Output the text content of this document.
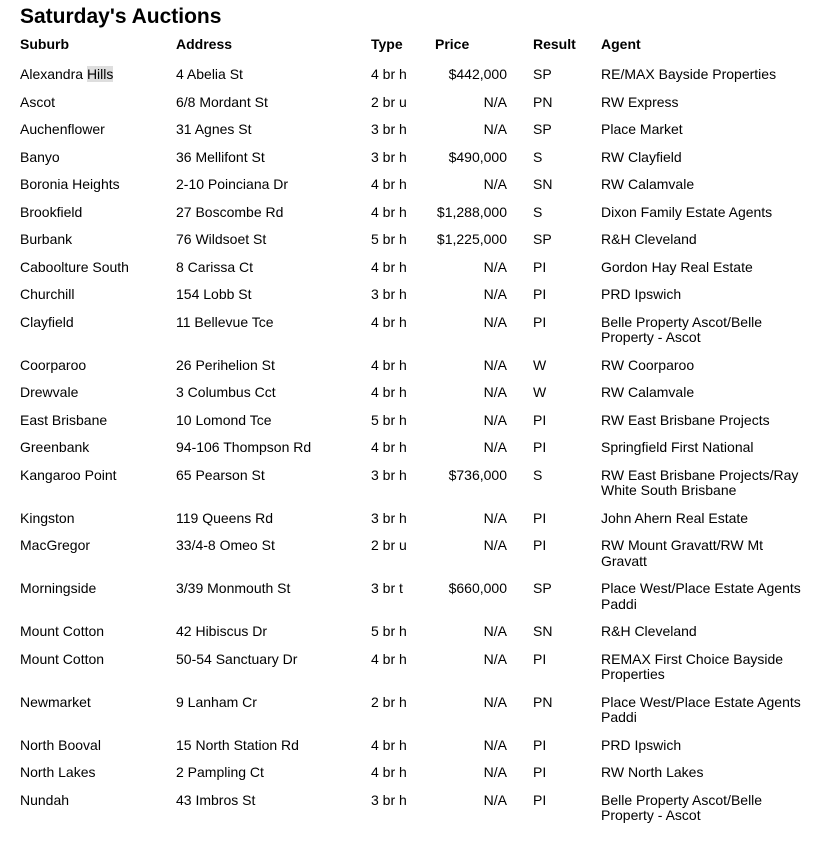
Saturday's Auctions
Suburb	Address	Type	Price	Result	Agent
Alexandra Hills	4 Abelia St	4 br h	$442,000	SP	RE/MAX Bayside Properties
Ascot	6/8 Mordant St	2 br u	N/A	PN	RW Express
Auchenflower	31 Agnes St	3 br h	N/A	SP	Place Market
Banyo	36 Mellifont St	3 br h	$490,000	S	RW Clayfield
Boronia Heights	2-10 Poinciana Dr	4 br h	N/A	SN	RW Calamvale
Brookfield	27 Boscombe Rd	4 br h	$1,288,000	S	Dixon Family Estate Agents
Burbank	76 Wildsoet St	5 br h	$1,225,000	SP	R&H Cleveland
Caboolture South	8 Carissa Ct	4 br h	N/A	PI	Gordon Hay Real Estate
Churchill	154 Lobb St	3 br h	N/A	PI	PRD Ipswich
Clayfield	11 Bellevue Tce	4 br h	N/A	PI	Belle Property Ascot/Belle Property - Ascot
Coorparoo	26 Perihelion St	4 br h	N/A	W	RW Coorparoo
Drewvale	3 Columbus Cct	4 br h	N/A	W	RW Calamvale
East Brisbane	10 Lomond Tce	5 br h	N/A	PI	RW East Brisbane Projects
Greenbank	94-106 Thompson Rd	4 br h	N/A	PI	Springfield First National
Kangaroo Point	65 Pearson St	3 br h	$736,000	S	RW East Brisbane Projects/Ray White South Brisbane
Kingston	119 Queens Rd	3 br h	N/A	PI	John Ahern Real Estate
MacGregor	33/4-8 Omeo St	2 br u	N/A	PI	RW Mount Gravatt/RW Mt Gravatt
Morningside	3/39 Monmouth St	3 br t	$660,000	SP	Place West/Place Estate Agents Paddi
Mount Cotton	42 Hibiscus Dr	5 br h	N/A	SN	R&H Cleveland
Mount Cotton	50-54 Sanctuary Dr	4 br h	N/A	PI	REMAX First Choice Bayside Properties
Newmarket	9 Lanham Cr	2 br h	N/A	PN	Place West/Place Estate Agents Paddi
North Booval	15 North Station Rd	4 br h	N/A	PI	PRD Ipswich
North Lakes	2 Pampling Ct	4 br h	N/A	PI	RW North Lakes
Nundah	43 Imbros St	3 br h	N/A	PI	Belle Property Ascot/Belle Property - Ascot
